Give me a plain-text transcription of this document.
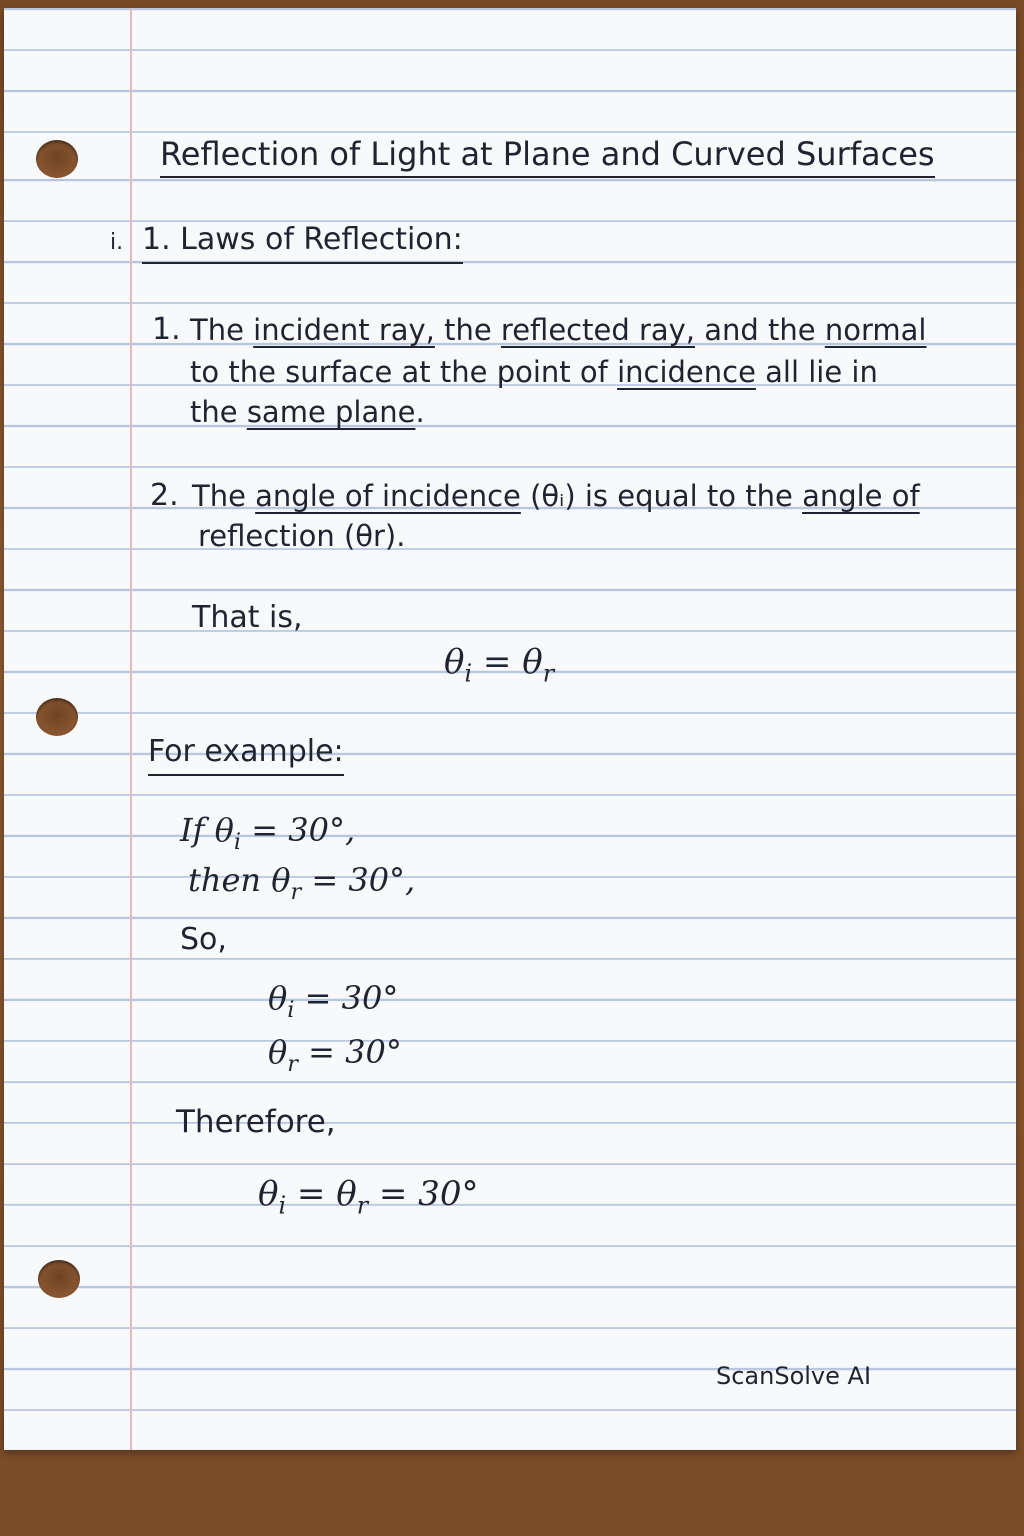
Reflection of Light at Plane and Curved Surfaces

i. 1. Laws of Reflection:

1. The incident ray, the reflected ray, and the normal

to the surface at the point of incidence all lie in

the same plane.

2. The angle of incidence (θᵢ) is equal to the angle of

reflection (θr).

That is,

$\theta_i = \theta_r$

For example:

If $\theta_i = 30^\circ$,

then $\theta_r = 30^\circ$,

So,

$\theta_i = 30^\circ$

$\theta_r = 30^\circ$

Therefore,

$\theta_i = \theta_r = 30^\circ$

ScanSolve AI
